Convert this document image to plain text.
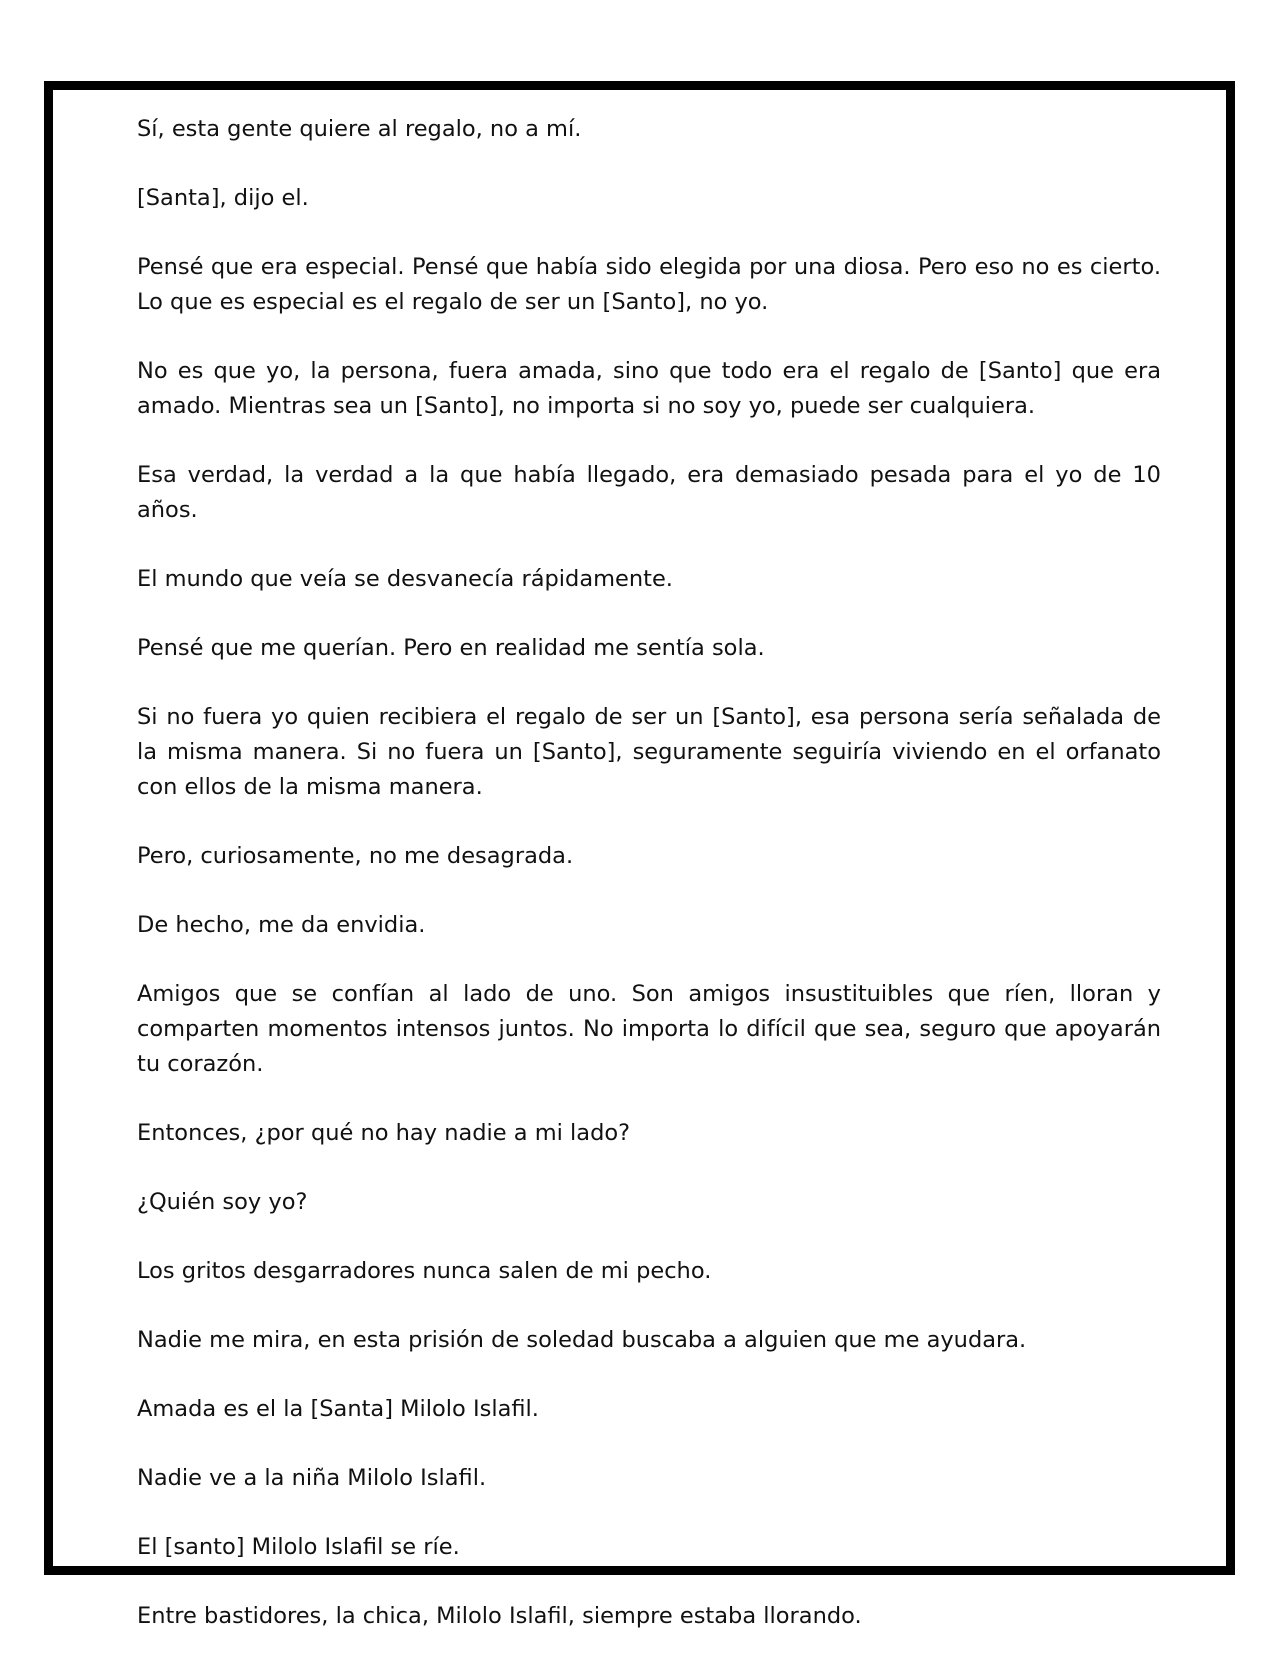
Sí, esta gente quiere al regalo, no a mí.

[Santa], dijo el.

Pensé que era especial. Pensé que había sido elegida por una diosa. Pero eso no es cierto. Lo que es especial es el regalo de ser un [Santo], no yo.

No es que yo, la persona, fuera amada, sino que todo era el regalo de [Santo] que era amado. Mientras sea un [Santo], no importa si no soy yo, puede ser cualquiera.

Esa verdad, la verdad a la que había llegado, era demasiado pesada para el yo de 10 años.

El mundo que veía se desvanecía rápidamente.

Pensé que me querían. Pero en realidad me sentía sola.

Si no fuera yo quien recibiera el regalo de ser un [Santo], esa persona sería señalada de la misma manera. Si no fuera un [Santo], seguramente seguiría viviendo en el orfanato con ellos de la misma manera.

Pero, curiosamente, no me desagrada.

De hecho, me da envidia.

Amigos que se confían al lado de uno. Son amigos insustituibles que ríen, lloran y comparten momentos intensos juntos. No importa lo difícil que sea, seguro que apoyarán tu corazón.

Entonces, ¿por qué no hay nadie a mi lado?

¿Quién soy yo?

Los gritos desgarradores nunca salen de mi pecho.

Nadie me mira, en esta prisión de soledad buscaba a alguien que me ayudara.

Amada es el la [Santa] Milolo Islafil.

Nadie ve a la niña Milolo Islafil.

El [santo] Milolo Islafil se ríe.

Entre bastidores, la chica, Milolo Islafil, siempre estaba llorando.
